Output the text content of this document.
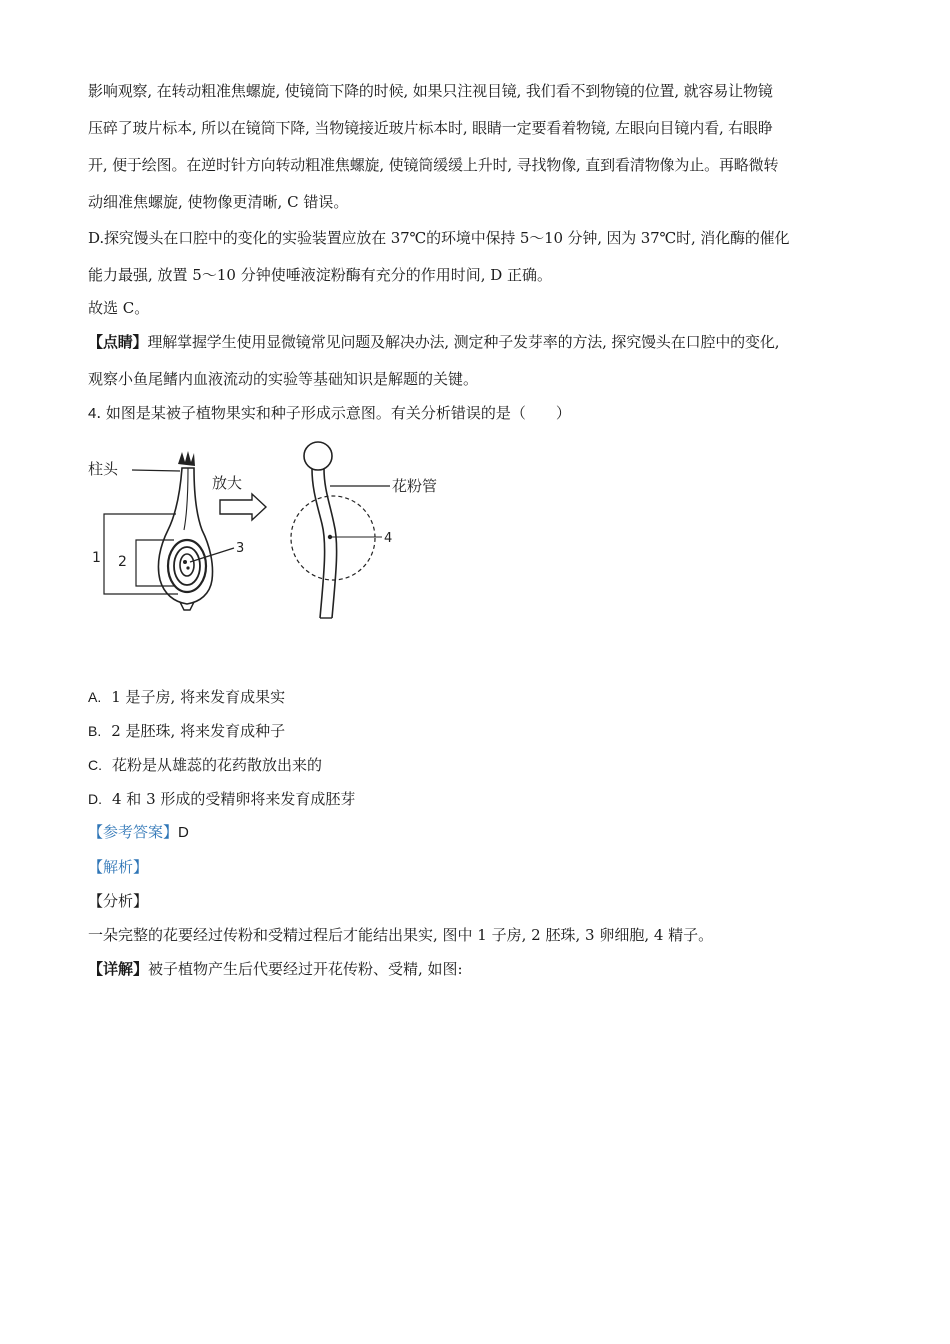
影响观察, 在转动粗准焦螺旋, 使镜筒下降的时候, 如果只注视目镜, 我们看不到物镜的位置, 就容易让物镜
压碎了玻片标本, 所以在镜筒下降, 当物镜接近玻片标本时, 眼睛一定要看着物镜, 左眼向目镜内看, 右眼睁
开, 便于绘图。在逆时针方向转动粗准焦螺旋, 使镜筒缓缓上升时, 寻找物像, 直到看清物像为止。再略微转
动细准焦螺旋, 使物像更清晰, C 错误。
D.探究馒头在口腔中的变化的实验装置应放在 37℃的环境中保持 5～10 分钟, 因为 37℃时, 消化酶的催化
能力最强, 放置 5～10 分钟使唾液淀粉酶有充分的作用时间, D 正确。
故选 C。
【点睛】理解掌握学生使用显微镜常见问题及解决办法, 测定种子发芽率的方法, 探究馒头在口腔中的变化,
观察小鱼尾鳍内血液流动的实验等基础知识是解题的关键。
4. 如图是某被子植物果实和种子形成示意图。有关分析错误的是（　　）
柱头
1 2
3
放大	花粉管
4
A. 1 是子房, 将来发育成果实
B. 2 是胚珠, 将来发育成种子
C. 花粉是从雄蕊的花药散放出来的
D. 4 和 3 形成的受精卵将来发育成胚芽
【参考答案】D
【解析】
【分析】
一朵完整的花要经过传粉和受精过程后才能结出果实, 图中 1 子房, 2 胚珠, 3 卵细胞, 4 精子。
【详解】被子植物产生后代要经过开花传粉、受精, 如图:
